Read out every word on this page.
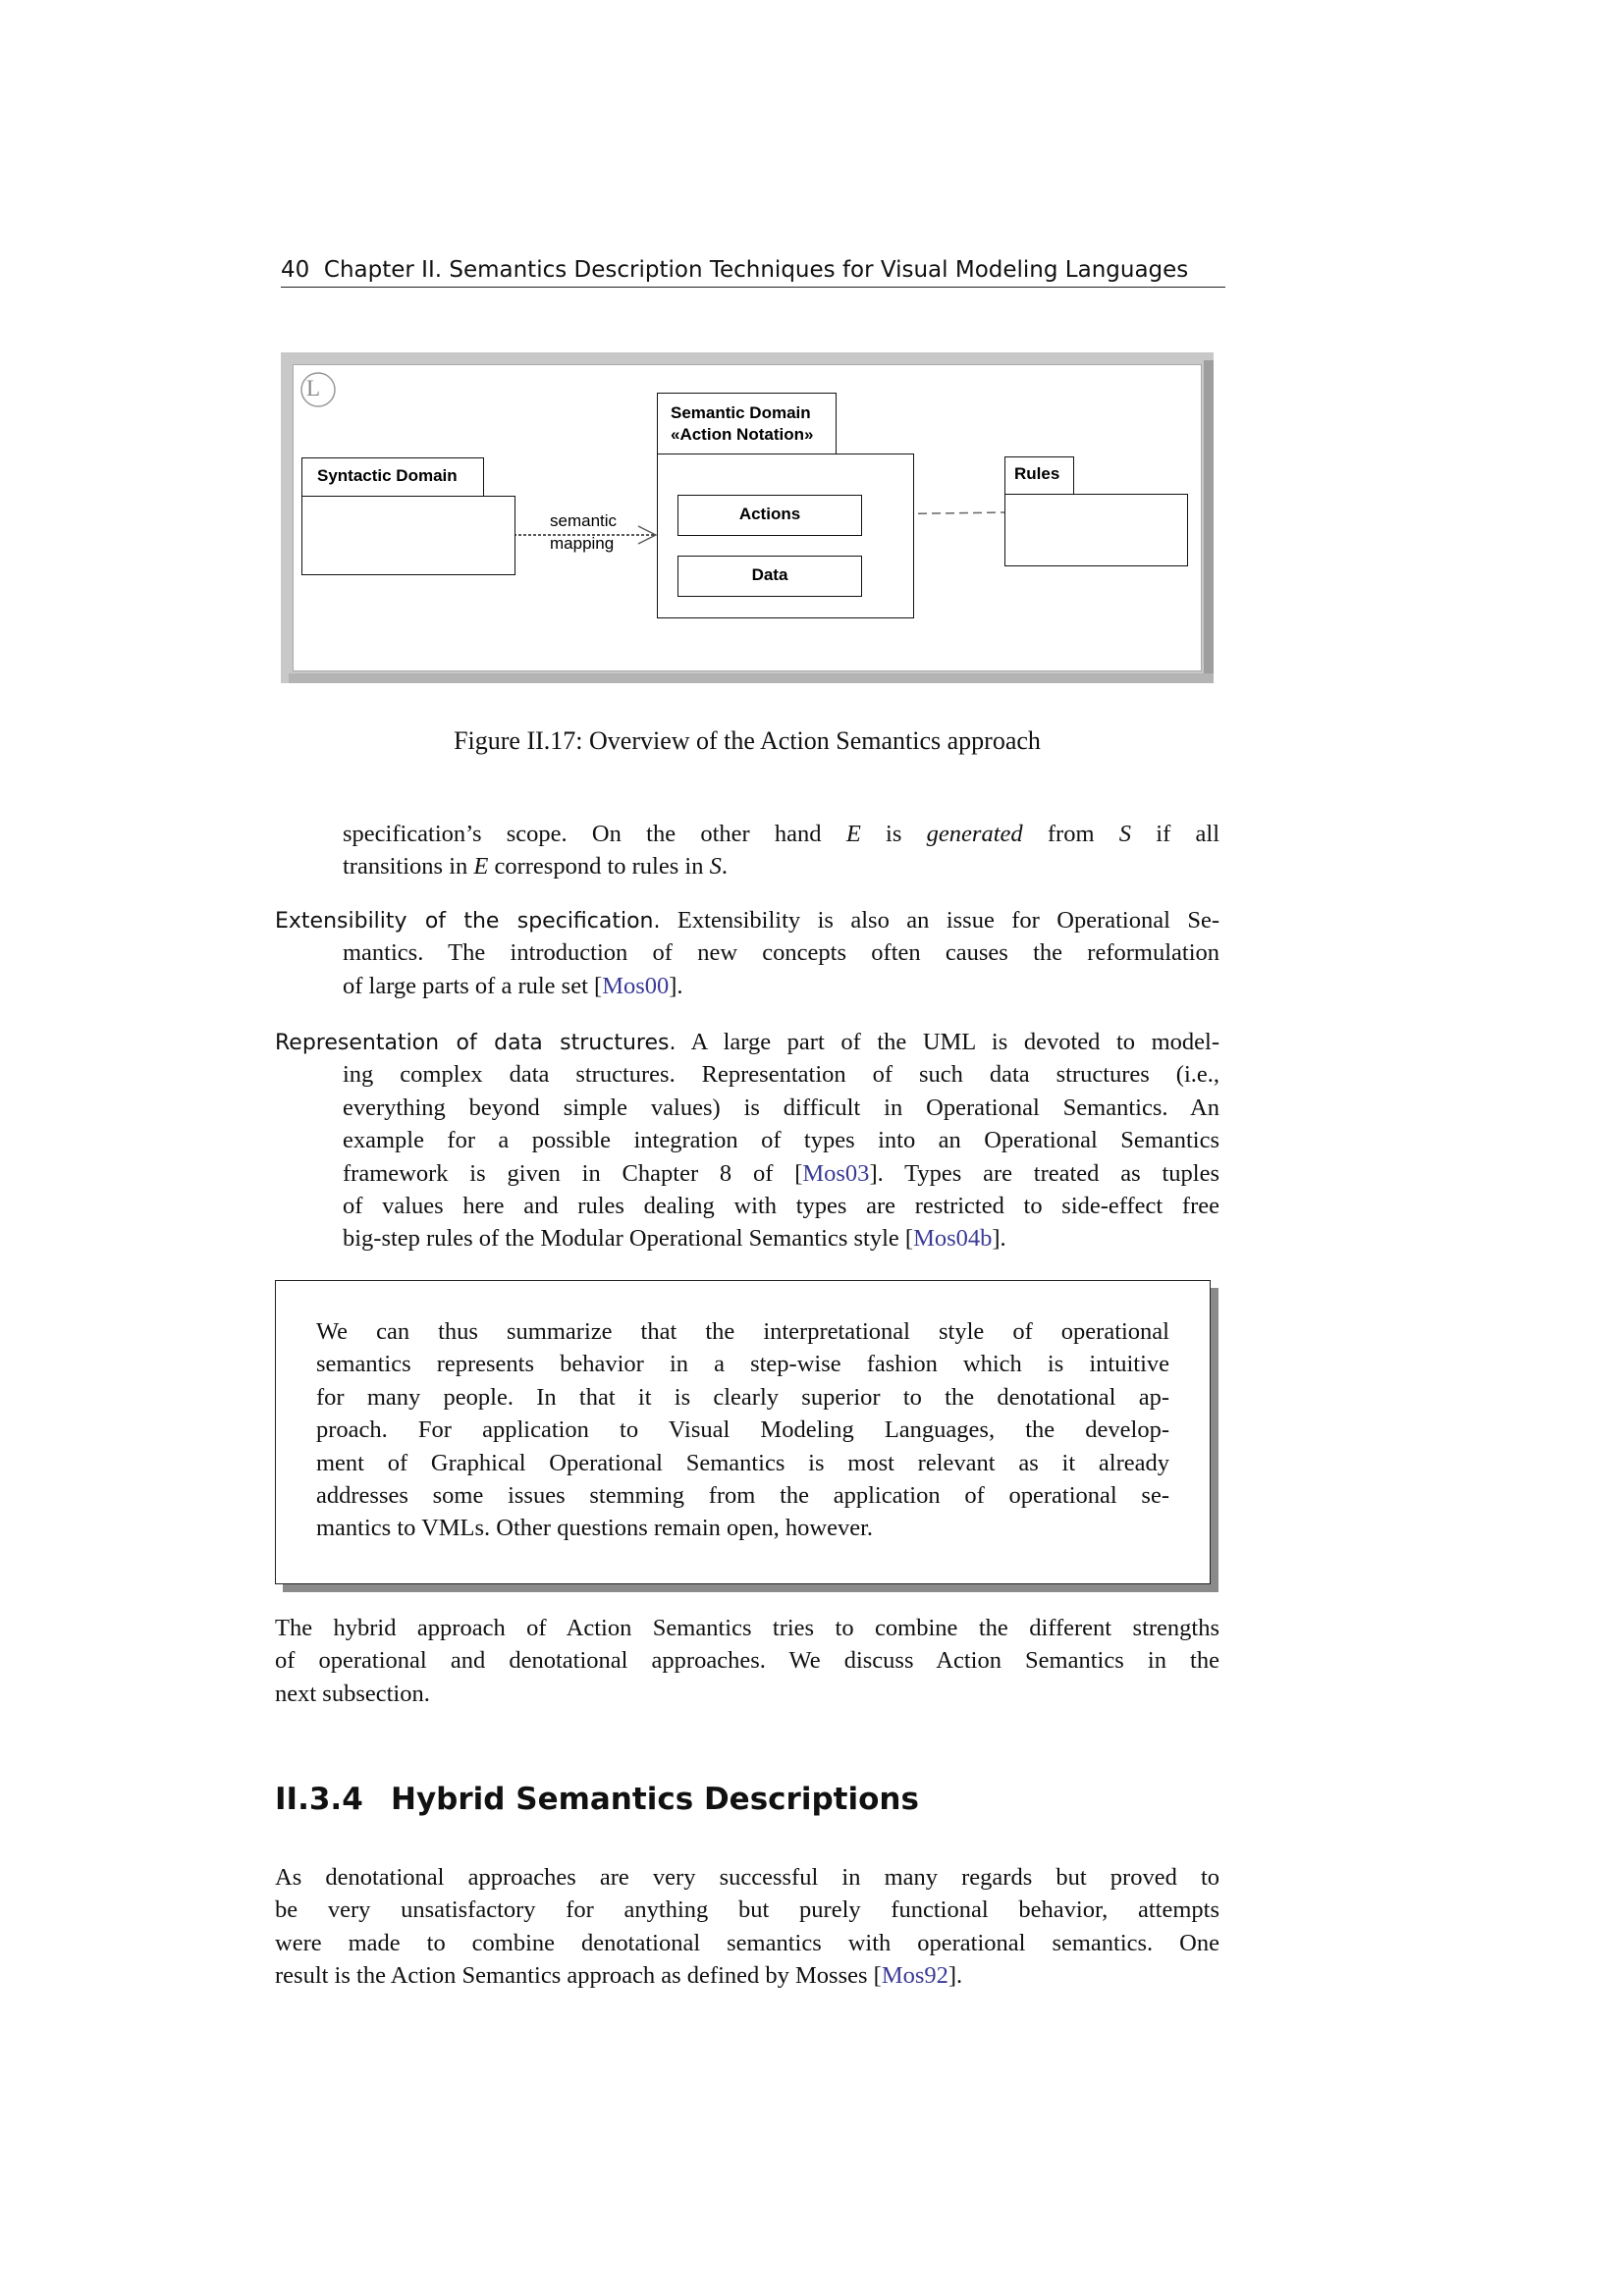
40 Chapter II. Semantics Description Techniques for Visual Modeling Languages
L
Syntactic Domain
semantic
mapping
Semantic Domain
«Action Notation»
Actions
Data
Rules
Figure II.17: Overview of the Action Semantics approach
II.3.4 Hybrid Semantics Descriptions
specification’s scope. On the other hand E is generated from S if all
transitions in E correspond to rules in S.
Extensibility of the specification. Extensibility is also an issue for Operational Se-
mantics. The introduction of new concepts often causes the reformulation
of large parts of a rule set [Mos00].
Representation of data structures. A large part of the UML is devoted to model-
ing complex data structures. Representation of such data structures (i.e.,
everything beyond simple values) is difficult in Operational Semantics. An
example for a possible integration of types into an Operational Semantics
framework is given in Chapter 8 of [Mos03]. Types are treated as tuples
of values here and rules dealing with types are restricted to side-effect free
big-step rules of the Modular Operational Semantics style [Mos04b].
We can thus summarize that the interpretational style of operational
semantics represents behavior in a step-wise fashion which is intuitive
for many people. In that it is clearly superior to the denotational ap-
proach. For application to Visual Modeling Languages, the develop-
ment of Graphical Operational Semantics is most relevant as it already
addresses some issues stemming from the application of operational se-
mantics to VMLs. Other questions remain open, however.
The hybrid approach of Action Semantics tries to combine the different strengths
of operational and denotational approaches. We discuss Action Semantics in the
next subsection.
As denotational approaches are very successful in many regards but proved to
be very unsatisfactory for anything but purely functional behavior, attempts
were made to combine denotational semantics with operational semantics. One
result is the Action Semantics approach as defined by Mosses [Mos92].
